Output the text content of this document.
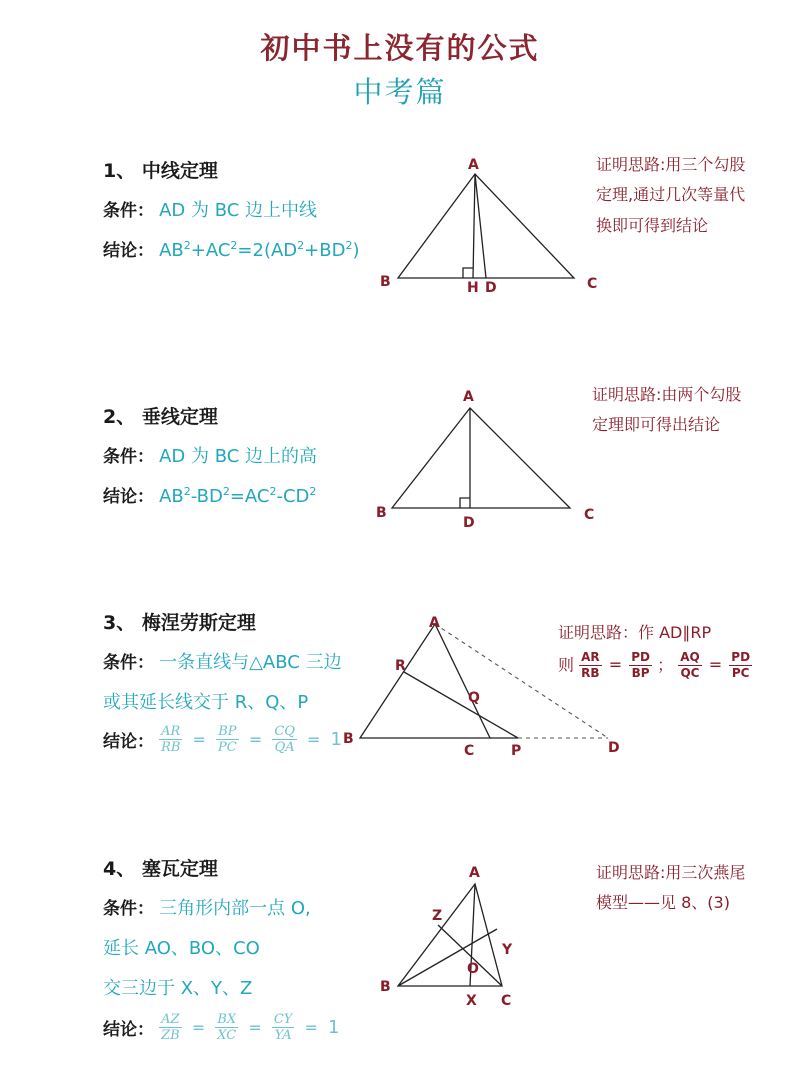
初中书上没有的公式
中考篇
1、 中线定理
条件： AD 为 BC 边上中线
结论： $AB^2+AC^2=2(AD^2+BD^2)$
A
B	C
H D
证明思路:用三个勾股
定理,通过几次等量代
换即可得到结论
2、 垂线定理
条件： AD 为 BC 边上的高
结论： $AB^2-BD^2=AC^2-CD^2$
A
B	C
D
证明思路:由两个勾股
定理即可得出结论
3、 梅涅劳斯定理
条件： 一条直线与△ABC 三边
或其延长线交于 R、Q、P
结论： $\frac{AR}{RB} = \frac{BP}{PC} = \frac{CQ}{QA} = 1$
A
B
C
R
Q
P	D
证明思路：作 AD∥RP
则 $\frac{AR}{RB} = \frac{PD}{BP}$ ； $\frac{AQ}{QC} = \frac{PD}{PC}$
4、 塞瓦定理
条件： 三角形内部一点 O,
延长 AO、BO、CO
交三边于 X、Y、Z
结论： $\frac{AZ}{ZB} = \frac{BX}{XC} = \frac{CY}{YA} = 1$
A
B
C
Z
Y
O
X
证明思路:用三次燕尾
模型——见 8、(3)
